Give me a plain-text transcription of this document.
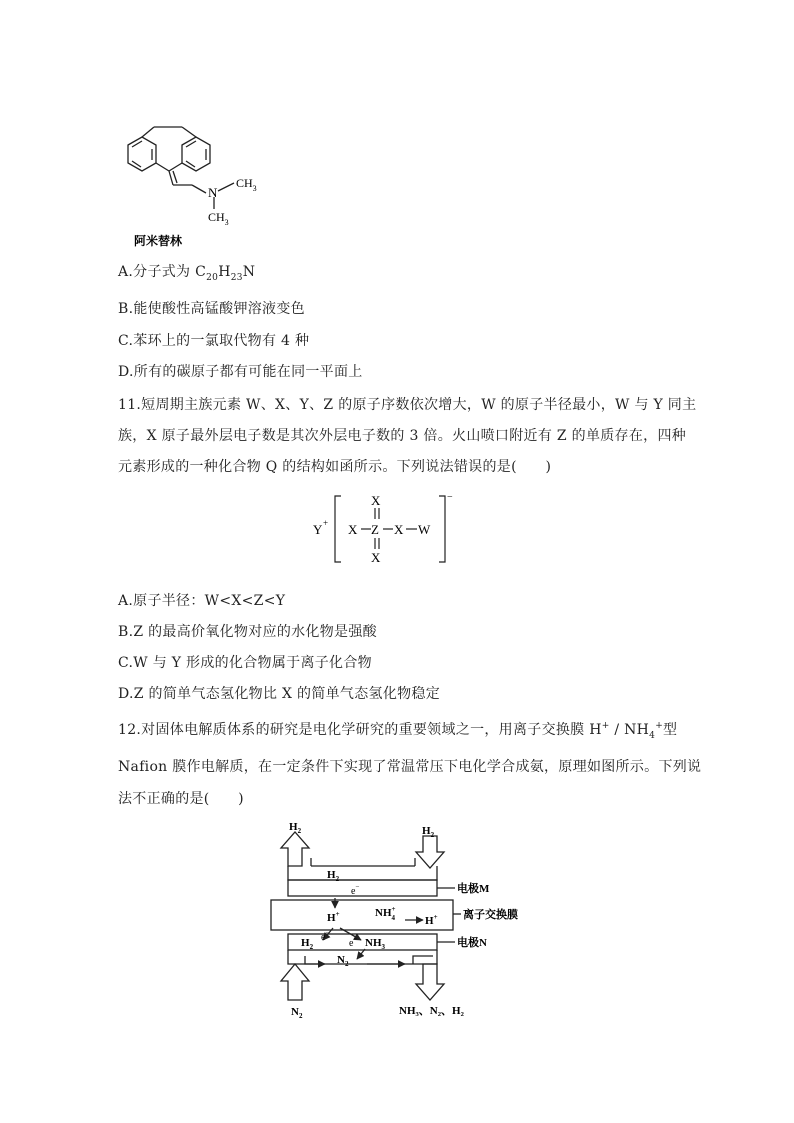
N
$CH_3$
$CH_3$
阿米替林
A.分子式为 $C_{20}H_{23}N$
B.能使酸性高锰酸钾溶液变色
C.苯环上的一氯取代物有 4 种
D.所有的碳原子都有可能在同一平面上
11.短周期主族元素 W、X、Y、Z 的原子序数依次增大，W 的原子半径最小，W 与 Y 同主
族，X 原子最外层电子数是其次外层电子数的 3 倍。火山喷口附近有 Z 的单质存在，四种
元素形成的一种化合物 Q 的结构如函所示。下列说法错误的是(　　)
Y +
−
X Z
X
X
X W
A.原子半径：W<X<Z<Y
B.Z 的最高价氧化物对应的水化物是强酸
C.W 与 Y 形成的化合物属于离子化合物
D.Z 的简单气态氢化物比 X 的简单气态氢化物稳定
12.对固体电解质体系的研究是电化学研究的重要领域之一，用离子交换膜 $H^+ / NH_4^+$型
Nafion 膜作电解质，在一定条件下实现了常温常压下电化学合成氨，原理如图所示。下列说
法不正确的是(　　)
$H_2$	$H_2$
$H_2$
e−
H+	NH+ 4	H+
$H_2$
e−
e− $NH_3$
$N_2$
$N_2$	NH₃、N₂、H₂
电极M
离子交换膜
电极N
